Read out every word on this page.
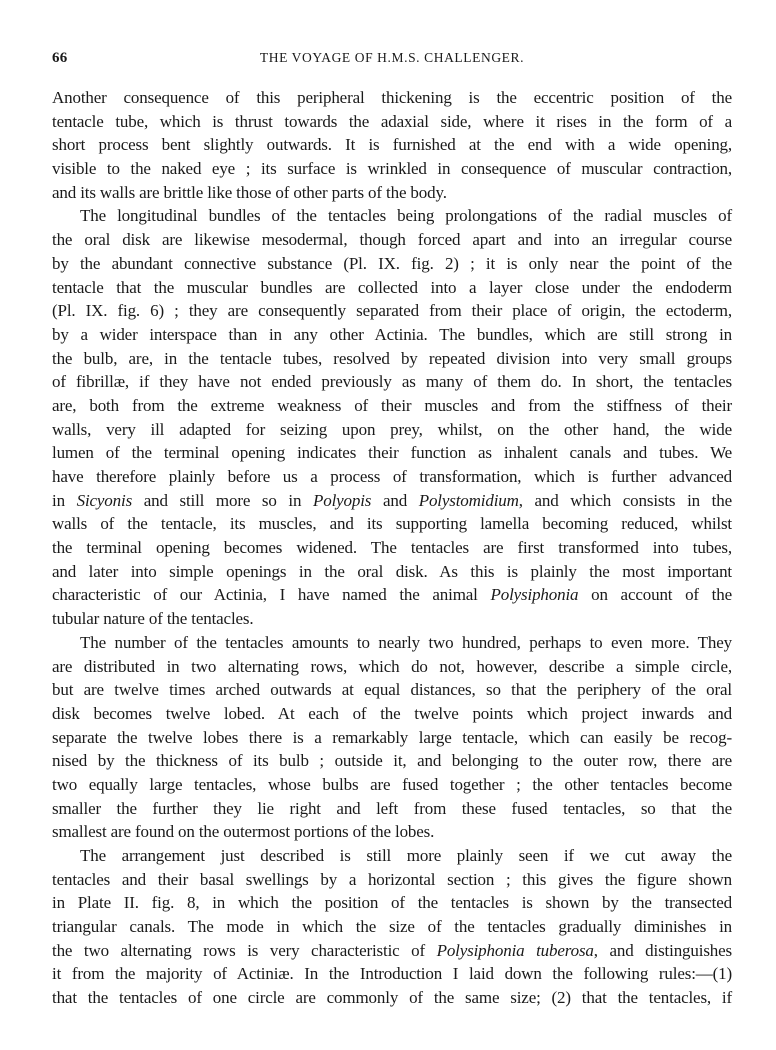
66	THE VOYAGE OF H.M.S. CHALLENGER.
Another consequence of this peripheral thickening is the eccentric position of the
tentacle tube, which is thrust towards the adaxial side, where it rises in the form of a
short process bent slightly outwards. It is furnished at the end with a wide opening,
visible to the naked eye ; its surface is wrinkled in consequence of muscular contraction,
and its walls are brittle like those of other parts of the body.
The longitudinal bundles of the tentacles being prolongations of the radial muscles of
the oral disk are likewise mesodermal, though forced apart and into an irregular course
by the abundant connective substance (Pl. IX. fig. 2) ; it is only near the point of the
tentacle that the muscular bundles are collected into a layer close under the endoderm
(Pl. IX. fig. 6) ; they are consequently separated from their place of origin, the ectoderm,
by a wider interspace than in any other Actinia. The bundles, which are still strong in
the bulb, are, in the tentacle tubes, resolved by repeated division into very small groups
of fibrillæ, if they have not ended previously as many of them do. In short, the tentacles
are, both from the extreme weakness of their muscles and from the stiffness of their
walls, very ill adapted for seizing upon prey, whilst, on the other hand, the wide
lumen of the terminal opening indicates their function as inhalent canals and tubes. We
have therefore plainly before us a process of transformation, which is further advanced
in Sicyonis and still more so in Polyopis and Polystomidium, and which consists in the
walls of the tentacle, its muscles, and its supporting lamella becoming reduced, whilst
the terminal opening becomes widened. The tentacles are first transformed into tubes,
and later into simple openings in the oral disk. As this is plainly the most important
characteristic of our Actinia, I have named the animal Polysiphonia on account of the
tubular nature of the tentacles.
The number of the tentacles amounts to nearly two hundred, perhaps to even more. They
are distributed in two alternating rows, which do not, however, describe a simple circle,
but are twelve times arched outwards at equal distances, so that the periphery of the oral
disk becomes twelve lobed. At each of the twelve points which project inwards and
separate the twelve lobes there is a remarkably large tentacle, which can easily be recog-
nised by the thickness of its bulb ; outside it, and belonging to the outer row, there are
two equally large tentacles, whose bulbs are fused together ; the other tentacles become
smaller the further they lie right and left from these fused tentacles, so that the
smallest are found on the outermost portions of the lobes.
The arrangement just described is still more plainly seen if we cut away the
tentacles and their basal swellings by a horizontal section ; this gives the figure shown
in Plate II. fig. 8, in which the position of the tentacles is shown by the transected
triangular canals. The mode in which the size of the tentacles gradually diminishes in
the two alternating rows is very characteristic of Polysiphonia tuberosa, and distinguishes
it from the majority of Actiniæ. In the Introduction I laid down the following rules:—(1)
that the tentacles of one circle are commonly of the same size; (2) that the tentacles, if
